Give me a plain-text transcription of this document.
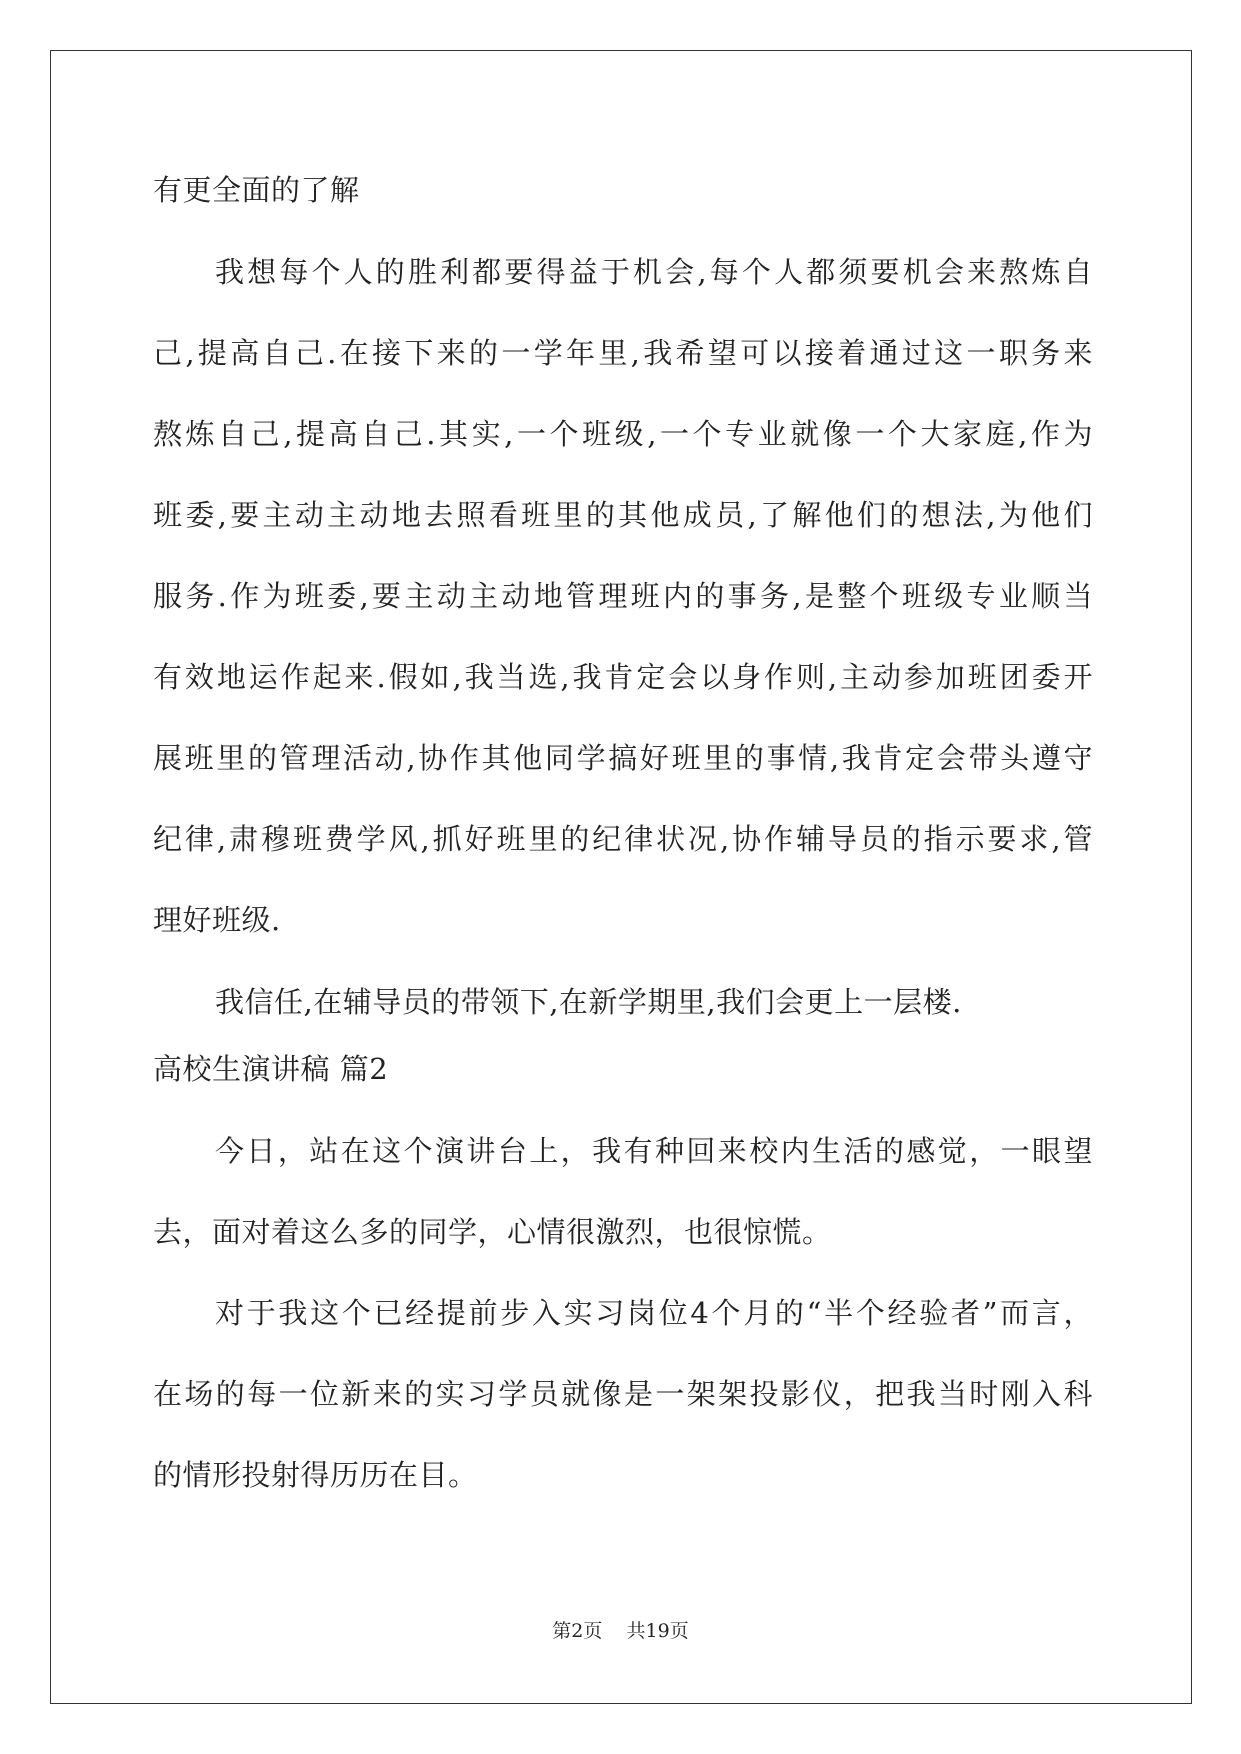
有更全面的了解
我想每个人的胜利都要得益于机会,每个人都须要机会来熬炼自
己,提高自己.在接下来的一学年里,我希望可以接着通过这一职务来
熬炼自己,提高自己.其实,一个班级,一个专业就像一个大家庭,作为
班委,要主动主动地去照看班里的其他成员,了解他们的想法,为他们
服务.作为班委,要主动主动地管理班内的事务,是整个班级专业顺当
有效地运作起来.假如,我当选,我肯定会以身作则,主动参加班团委开
展班里的管理活动,协作其他同学搞好班里的事情,我肯定会带头遵守
纪律,肃穆班费学风,抓好班里的纪律状况,协作辅导员的指示要求,管
理好班级.
我信任,在辅导员的带领下,在新学期里,我们会更上一层楼.
高校生演讲稿 篇2
今日，站在这个演讲台上，我有种回来校内生活的感觉，一眼望
去，面对着这么多的同学，心情很激烈，也很惊慌。
对于我这个已经提前步入实习岗位4个月的“半个经验者”而言，
在场的每一位新来的实习学员就像是一架架投影仪，把我当时刚入科
的情形投射得历历在目。
第2页 共19页
